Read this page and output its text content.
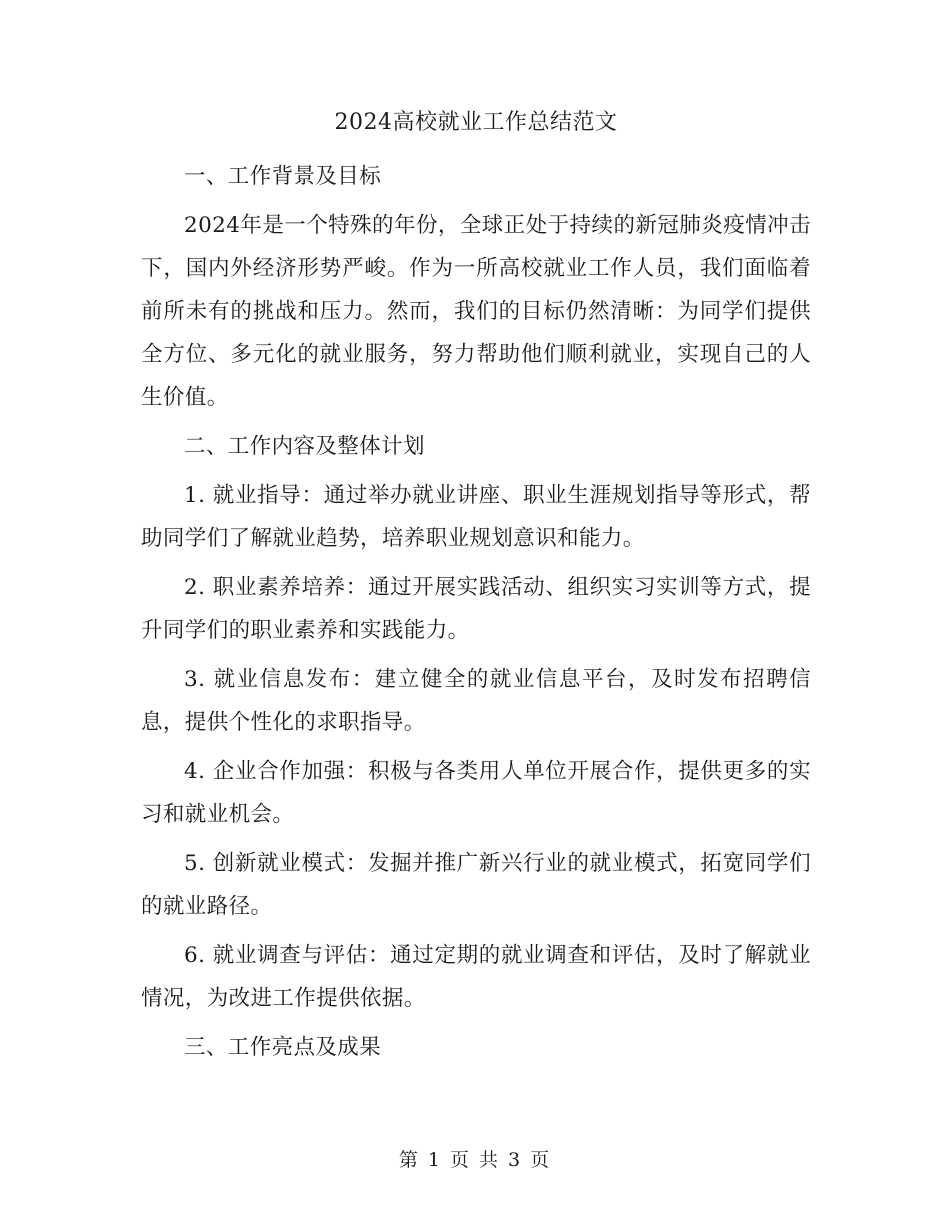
2024高校就业工作总结范文

一、工作背景及目标

2024年是一个特殊的年份，全球正处于持续的新冠肺炎疫情冲击下，国内外经济形势严峻。作为一所高校就业工作人员，我们面临着前所未有的挑战和压力。然而，我们的目标仍然清晰：为同学们提供全方位、多元化的就业服务，努力帮助他们顺利就业，实现自己的人生价值。

二、工作内容及整体计划

1. 就业指导：通过举办就业讲座、职业生涯规划指导等形式，帮助同学们了解就业趋势，培养职业规划意识和能力。

2. 职业素养培养：通过开展实践活动、组织实习实训等方式，提升同学们的职业素养和实践能力。

3. 就业信息发布：建立健全的就业信息平台，及时发布招聘信息，提供个性化的求职指导。

4. 企业合作加强：积极与各类用人单位开展合作，提供更多的实习和就业机会。

5. 创新就业模式：发掘并推广新兴行业的就业模式，拓宽同学们的就业路径。

6. 就业调查与评估：通过定期的就业调查和评估，及时了解就业情况，为改进工作提供依据。

三、工作亮点及成果

第 1 页 共 3 页
